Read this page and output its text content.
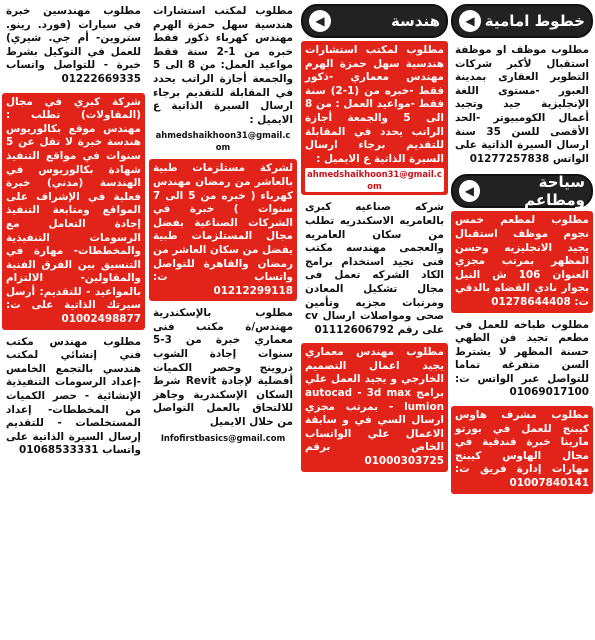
خطوط امامية
◀
مطلوب موظف او موظفة استقبال لأكبر شركات التطوير العقارى بمدينة العبور -مستوى اللغة الإنجليزية جيد وتجيد أعمال الكومبيوتر -الحد الأقصى للسن 35 سنة ارسال السيرة الذاتية على الواتس 01277257838
سياحة ومطاعم
◀
مطلوب لمطعم خمس نجوم موظف استقبال يجيد الانجليزيه وحسن المظهر بمرتب مجزي العنوان 106 ش النيل بجوار نادي القضاه بالدقي ت: 01278644408
مطلوب طباخه للعمل في مطعم تجيد فن الطهي حسنة المظهر لا يشترط السن متفرغه تماما للتواصل عبر الواتس ت: 01069017100
مطلوب مشرف هاوس كيبنج للعمل في بورتو مارينا خبرة فندقية في مجال الهاوس كيبنج مهارات إدارة فريق ت: 01007840141
هندسة
◀
مطلوب لمكتب استشارات هندسية سهل حمزة الهرم مهندس معماري -ذكور فقط -خبره من (1-2) سنة فقط -مواعيد العمل : من 8 الى 5 والجمعة أجازة الراتب يحدد في المقابلة للتقديم برجاء ارسال السيرة الذاتية ع الايميل :
ahmedshaikhoon31@gmail.com
شركه صناعيه كبرى بالعامريه الاسكندريه تطلب من سكان العامريه والعجمى مهندسه مكتب فنى تجيد استخدام برامج الكاد الشركه تعمل فى مجال تشكيل المعادن ومرتبات مجزيه وتأمين صحى ومواصلات ارسال cv على رقم 01112606792
مطلوب مهندس معماري يجيد اعمال التصميم الخارجي و يجيد العمل علي برامج autocad - 3d max - lumion بمرتب مجزي ارسال السي في و سابقة الاعمال علي الواتساب الخاص برقم 01000303725
مطلوب لمكتب استشارات هندسية سهل حمزة الهرم مهندس كهرباء ذكور فقط خبره من 1-2 سنة فقط مواعيد العمل: من 8 الى 5 والجمعة أجازة الراتب يحدد في المقابلة للتقديم برجاء ارسال السيرة الذاتية ع الايميل :
ahmedshaikhoon31@gmail.com
لشركة مستلزمات طبية بالعاشر من رمضان مهندس كهرباء ( خبره من 5 الى 7 سنوات ) خبرة في الشركات الصناعية بفضل مجال المستلزمات طبية يفضل من سكان العاشر من رمضان والقاهرة للتواصل واتساب ت: 01212299118
مطلوب بالإسكندرية مهندس/ة مكتب فنى معماري خبرة من 3-5 سنوات إجادة الشوب دروينج وحصر الكميات أفضلية لإجادة Revit شرط السكان الإسكندرية وجاهز للالتحاق بالعمل التواصل من خلال الايميل
Infofirstbasics@gmail.com
مطلوب مهندسين خبرة في سيارات (فورد. رينو. ستروين- أم جي. شيري) للعمل في التوكيل بشرط خبرة - للتواصل واتساب 01222669335
شركة كبري في مجال (المقاولات) تطلب : مهندس موقع بكالوريوس هندسة خبرة لا تقل عن 5 سنوات في مواقع التنفيذ شهادة بكالوريوس في الهندسة (مدني) خبرة فعلية في الإشراف على المواقع ومتابعة التنفيذ إجادة التعامل مع الرسومات التنفيذية والمخططات- مهارة في التنسيق بين الفرق الفنية والمقاولين- الالتزام بالمواعيد - للتقديم: أرسل سيرتك الذاتية على ت: 01002498877
مطلوب مهندس مكتب فني إنشائي لمكتب هندسي بالتجمع الخامس -إعداد الرسومات التنفيذية الإنشائية - حصر الكميات من المخططات- إعداد المستخلصات - للتقديم إرسال السيرة الذاتية على واتساب 01068533331
